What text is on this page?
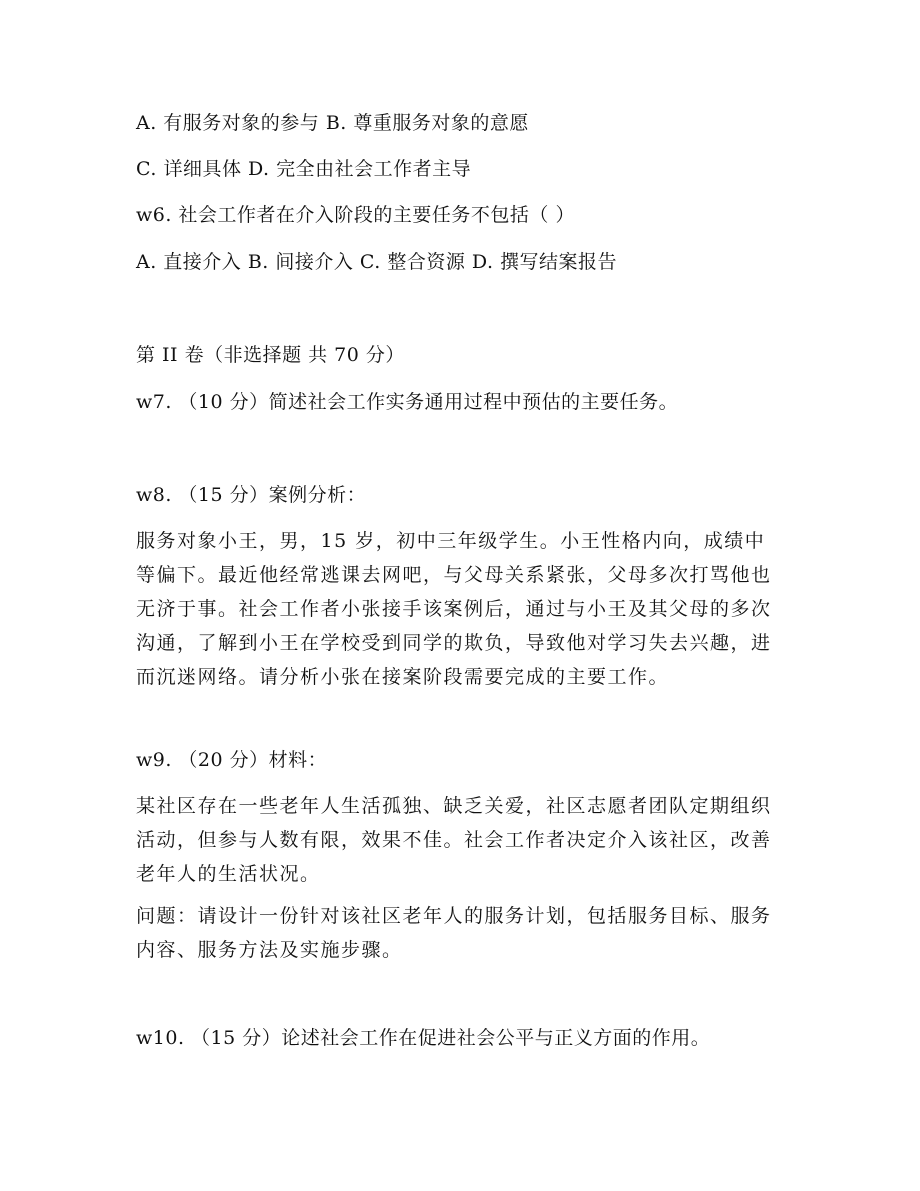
A. 有服务对象的参与 B. 尊重服务对象的意愿
C. 详细具体 D. 完全由社会工作者主导
w6. 社会工作者在介入阶段的主要任务不包括（ ）
A. 直接介入 B. 间接介入 C. 整合资源 D. 撰写结案报告
第 II 卷（非选择题 共 70 分）
w7. （10 分）简述社会工作实务通用过程中预估的主要任务。
w8. （15 分）案例分析：
服务对象小王，男，15 岁，初中三年级学生。小王性格内向，成绩中等偏下。最近他经常逃课去网吧，与父母关系紧张，父母多次打骂他也无济于事。社会工作者小张接手该案例后，通过与小王及其父母的多次沟通，了解到小王在学校受到同学的欺负，导致他对学习失去兴趣，进而沉迷网络。请分析小张在接案阶段需要完成的主要工作。
w9. （20 分）材料：
某社区存在一些老年人生活孤独、缺乏关爱，社区志愿者团队定期组织活动，但参与人数有限，效果不佳。社会工作者决定介入该社区，改善老年人的生活状况。
问题：请设计一份针对该社区老年人的服务计划，包括服务目标、服务内容、服务方法及实施步骤。
w10. （15 分）论述社会工作在促进社会公平与正义方面的作用。
